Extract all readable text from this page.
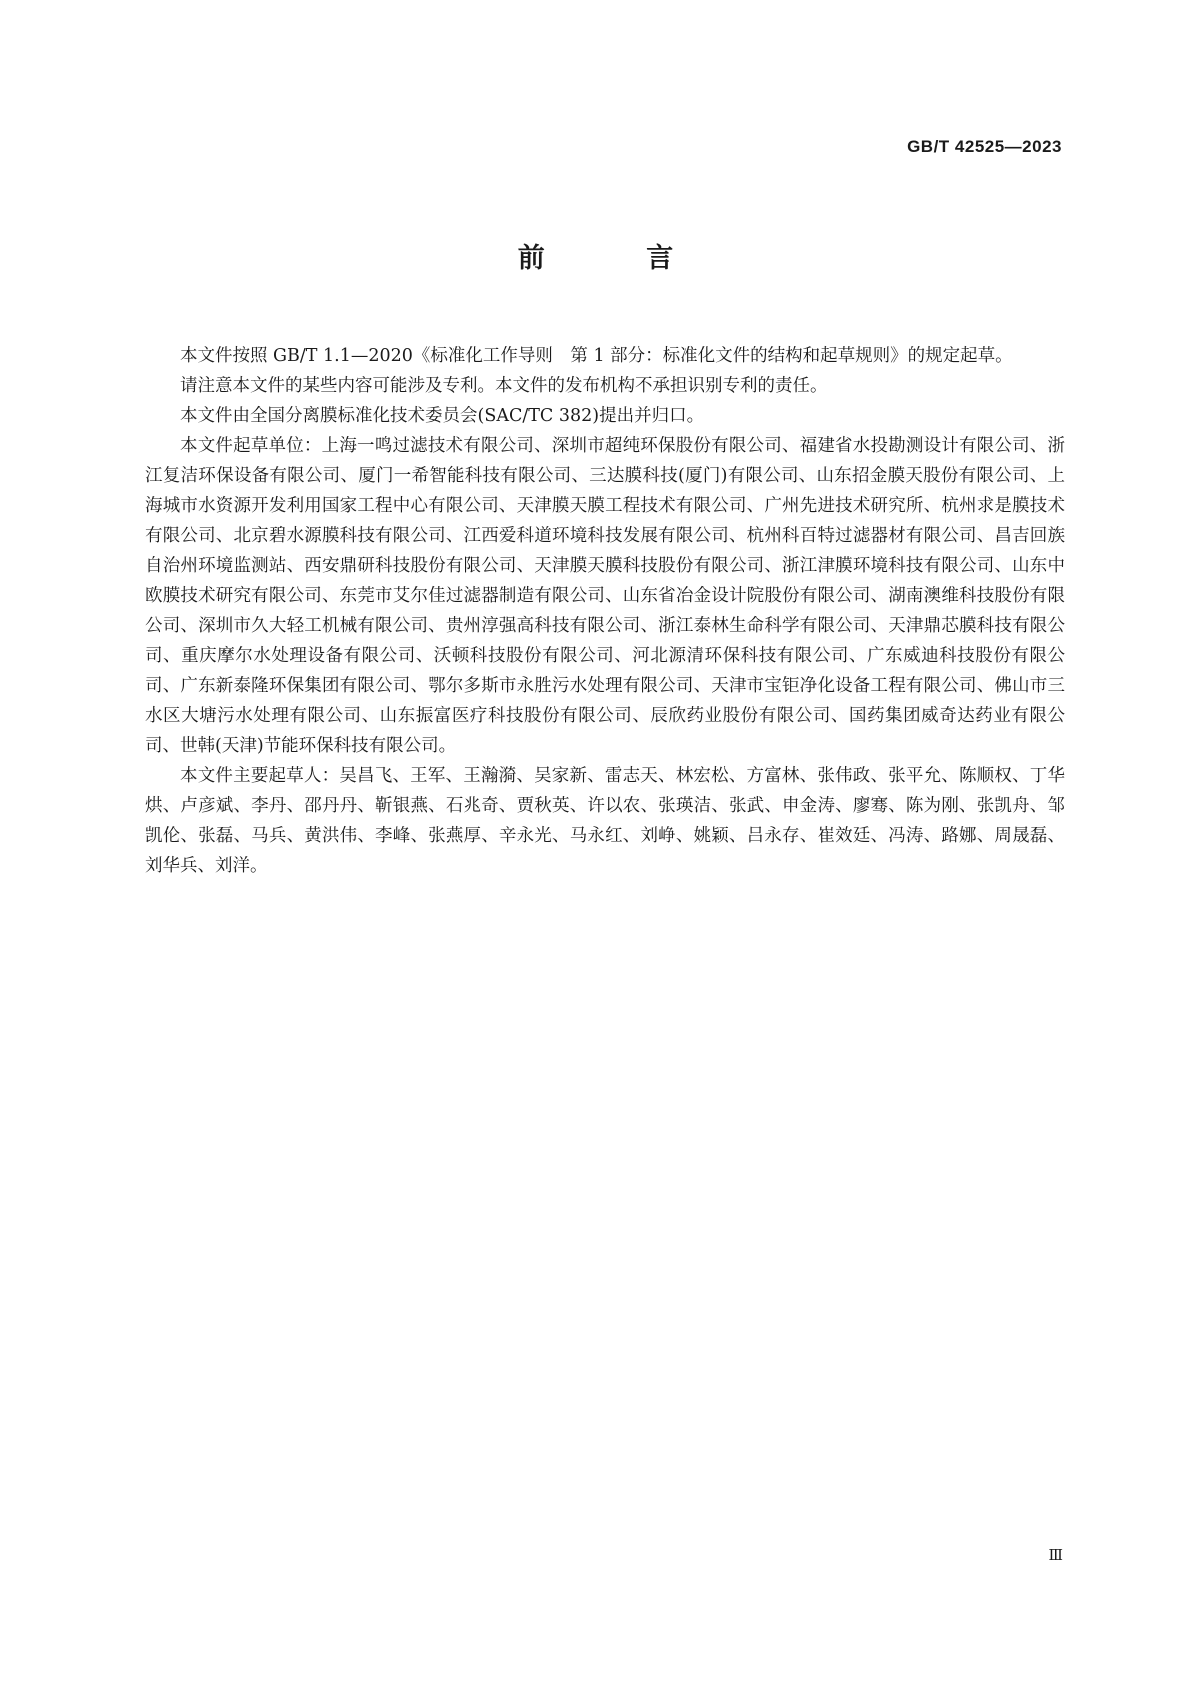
GB/T 42525—2023
前 言

本文件按照 GB/T 1.1—2020《标准化工作导则　第 1 部分：标准化文件的结构和起草规则》的规定起草。

请注意本文件的某些内容可能涉及专利。本文件的发布机构不承担识别专利的责任。

本文件由全国分离膜标准化技术委员会(SAC/TC 382)提出并归口。

本文件起草单位：上海一鸣过滤技术有限公司、深圳市超纯环保股份有限公司、福建省水投勘测设计有限公司、浙江复洁环保设备有限公司、厦门一希智能科技有限公司、三达膜科技(厦门)有限公司、山东招金膜天股份有限公司、上海城市水资源开发利用国家工程中心有限公司、天津膜天膜工程技术有限公司、广州先进技术研究所、杭州求是膜技术有限公司、北京碧水源膜科技有限公司、江西爱科道环境科技发展有限公司、杭州科百特过滤器材有限公司、昌吉回族自治州环境监测站、西安鼎研科技股份有限公司、天津膜天膜科技股份有限公司、浙江津膜环境科技有限公司、山东中欧膜技术研究有限公司、东莞市艾尔佳过滤器制造有限公司、山东省冶金设计院股份有限公司、湖南澳维科技股份有限公司、深圳市久大轻工机械有限公司、贵州淳强高科技有限公司、浙江泰林生命科学有限公司、天津鼎芯膜科技有限公司、重庆摩尔水处理设备有限公司、沃顿科技股份有限公司、河北源清环保科技有限公司、广东威迪科技股份有限公司、广东新泰隆环保集团有限公司、鄂尔多斯市永胜污水处理有限公司、天津市宝钜净化设备工程有限公司、佛山市三水区大塘污水处理有限公司、山东振富医疗科技股份有限公司、辰欣药业股份有限公司、国药集团威奇达药业有限公司、世韩(天津)节能环保科技有限公司。

本文件主要起草人：吴昌飞、王军、王瀚漪、吴家新、雷志天、林宏松、方富林、张伟政、张平允、陈顺权、丁华烘、卢彦斌、李丹、邵丹丹、靳银燕、石兆奇、贾秋英、许以农、张瑛洁、张武、申金涛、廖骞、陈为刚、张凯舟、邹凯伦、张磊、马兵、黄洪伟、李峰、张燕厚、辛永光、马永红、刘峥、姚颖、吕永存、崔效廷、冯涛、路娜、周晟磊、刘华兵、刘洋。

Ⅲ
